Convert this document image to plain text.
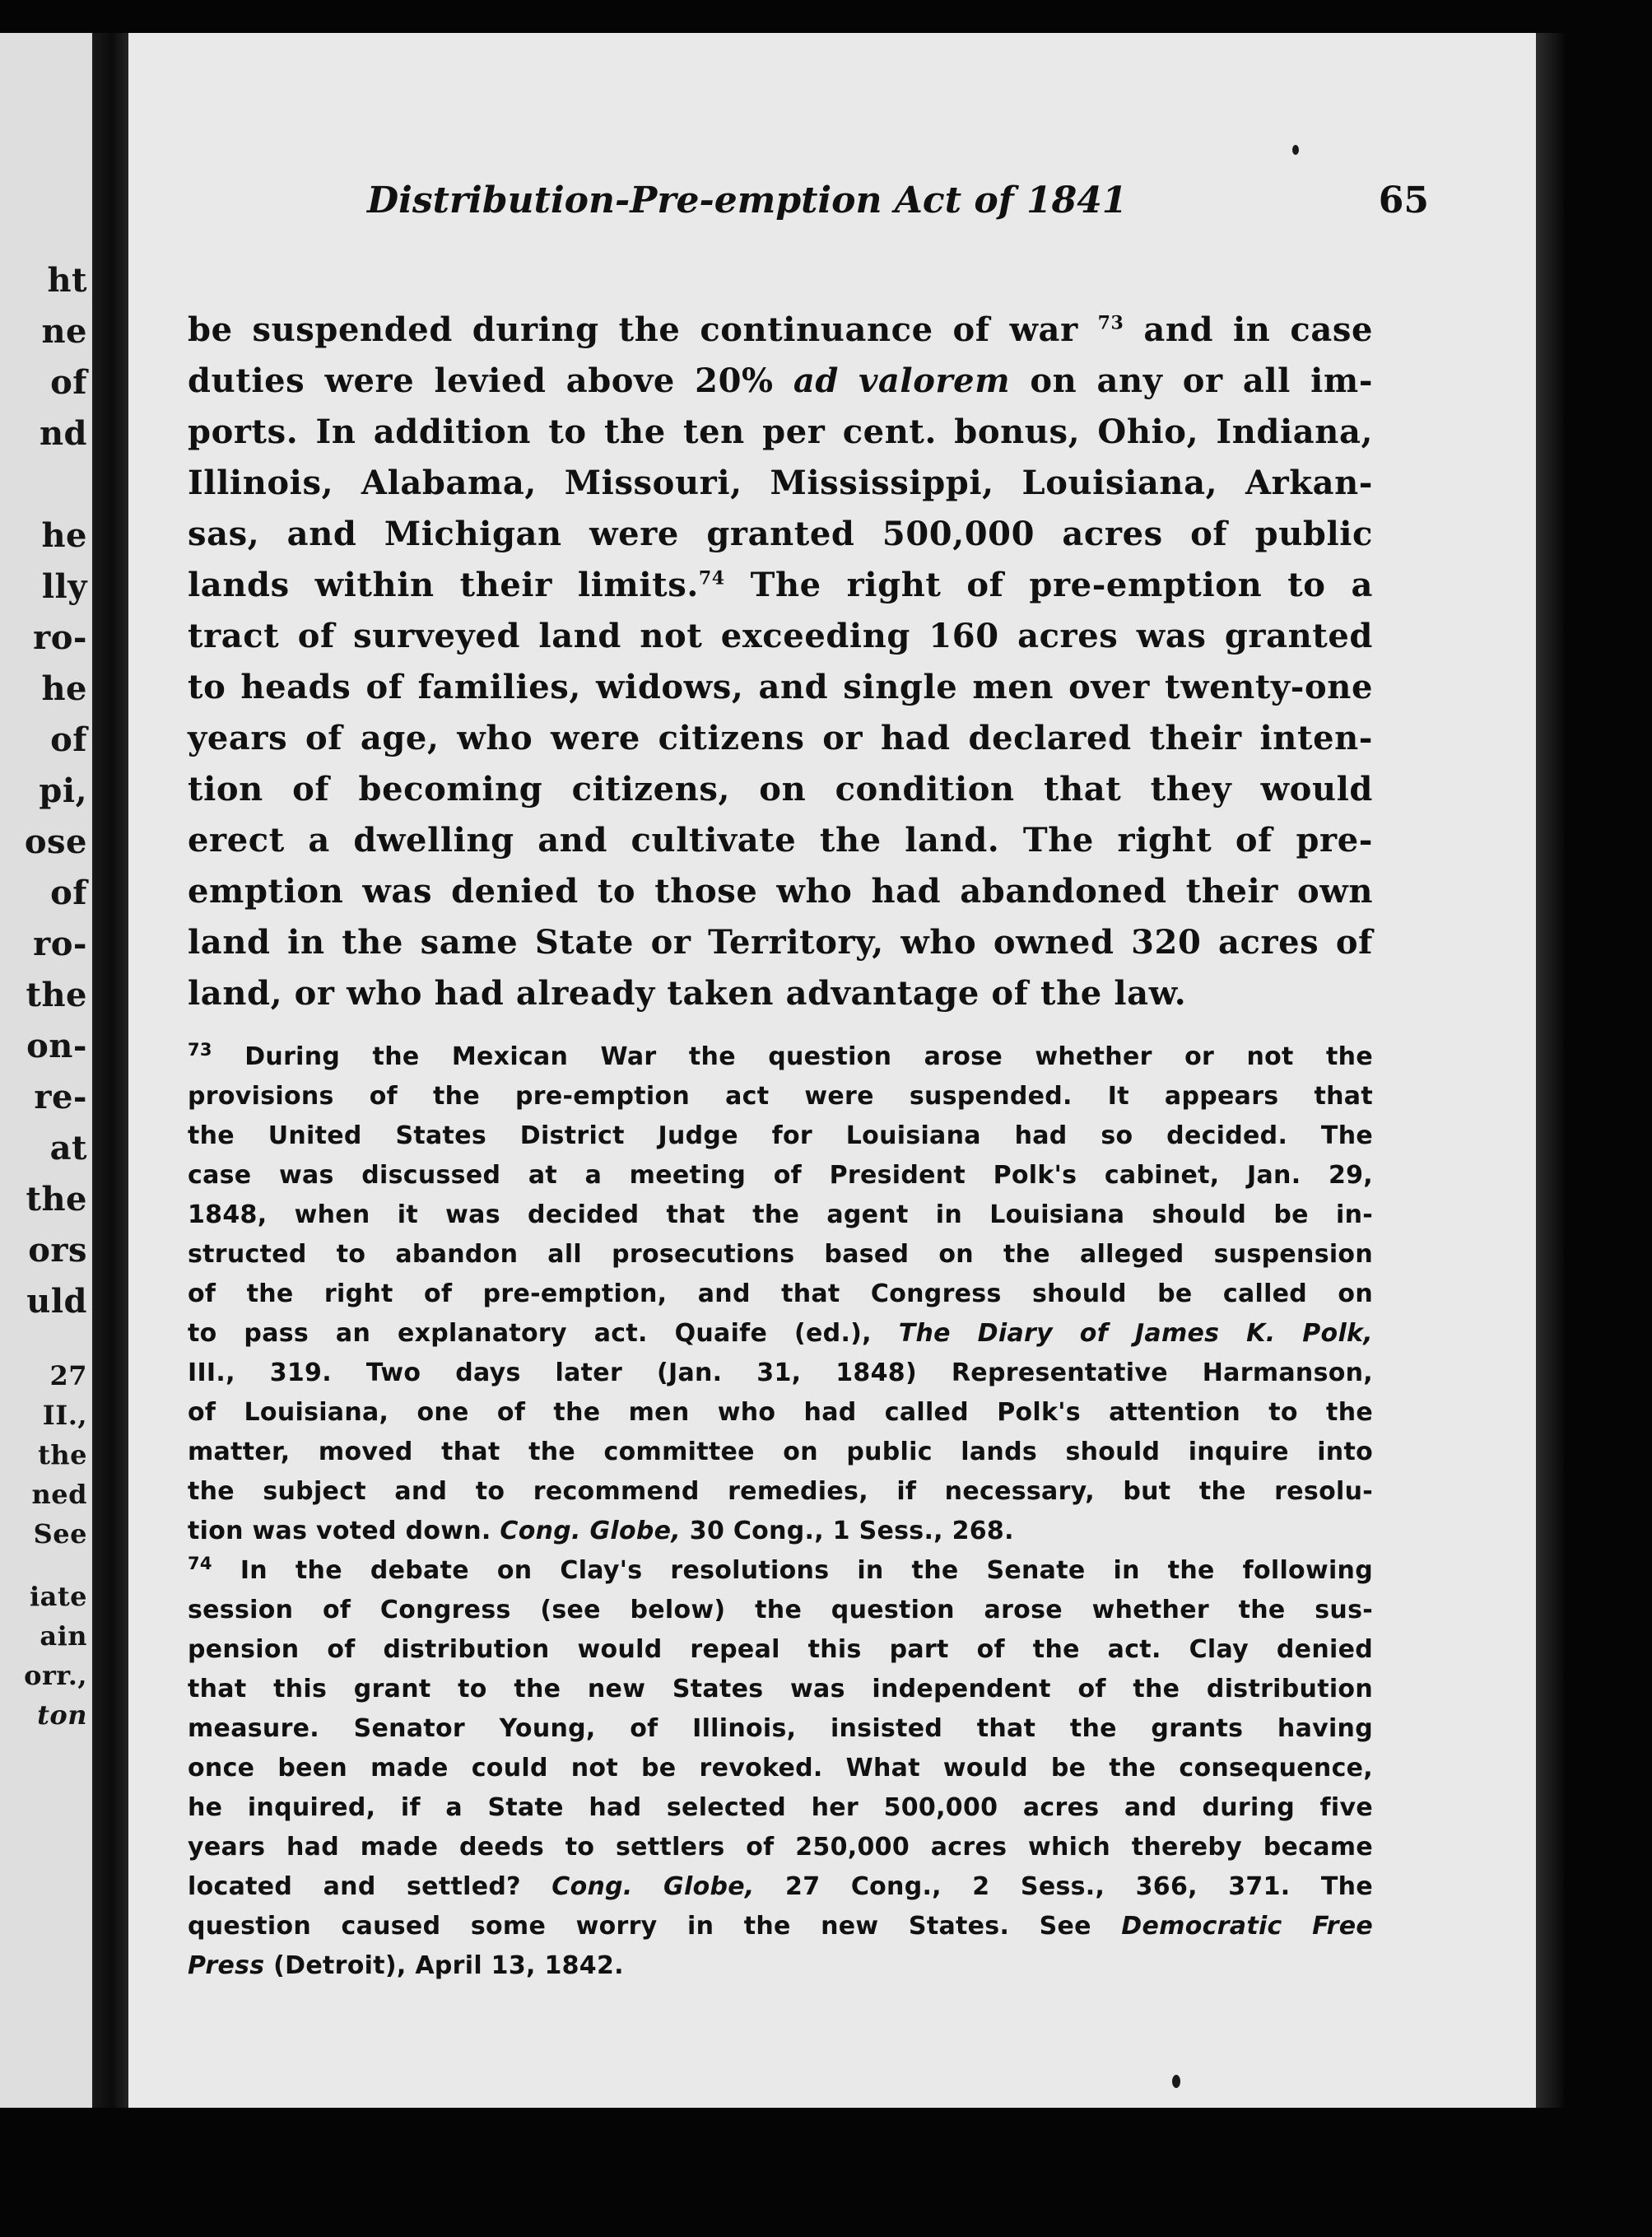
ht
ne
of
nd
he
lly
ro-
he
of
pi,
ose
of
ro-
the
on-
re-
at
the
ors
uld
27
II.,
the
ned
See
iate
ain
orr.,
ton
Distribution-Pre-emption Act of 1841	65
be suspended during the continuance of war $^{73}$ and in case
duties were levied above 20% ad valorem on any or all im-
ports. In addition to the ten per cent. bonus, Ohio, Indiana,
Illinois, Alabama, Missouri, Mississippi, Louisiana, Arkan-
sas, and Michigan were granted 500,000 acres of public
lands within their limits.$^{74}$ The right of pre-emption to a
tract of surveyed land not exceeding 160 acres was granted
to heads of families, widows, and single men over twenty-one
years of age, who were citizens or had declared their inten-
tion of becoming citizens, on condition that they would
erect a dwelling and cultivate the land. The right of pre-
emption was denied to those who had abandoned their own
land in the same State or Territory, who owned 320 acres of
land, or who had already taken advantage of the law.
$^{73}$ During the Mexican War the question arose whether or not the
provisions of the pre-emption act were suspended. It appears that
the United States District Judge for Louisiana had so decided. The
case was discussed at a meeting of President Polk's cabinet, Jan. 29,
1848, when it was decided that the agent in Louisiana should be in-
structed to abandon all prosecutions based on the alleged suspension
of the right of pre-emption, and that Congress should be called on
to pass an explanatory act. Quaife (ed.), The Diary of James K. Polk,
III., 319. Two days later (Jan. 31, 1848) Representative Harmanson,
of Louisiana, one of the men who had called Polk's attention to the
matter, moved that the committee on public lands should inquire into
the subject and to recommend remedies, if necessary, but the resolu-
tion was voted down. Cong. Globe, 30 Cong., 1 Sess., 268.
$^{74}$ In the debate on Clay's resolutions in the Senate in the following
session of Congress (see below) the question arose whether the sus-
pension of distribution would repeal this part of the act. Clay denied
that this grant to the new States was independent of the distribution
measure. Senator Young, of Illinois, insisted that the grants having
once been made could not be revoked. What would be the consequence,
he inquired, if a State had selected her 500,000 acres and during five
years had made deeds to settlers of 250,000 acres which thereby became
located and settled? Cong. Globe, 27 Cong., 2 Sess., 366, 371. The
question caused some worry in the new States. See Democratic Free
Press (Detroit), April 13, 1842.
